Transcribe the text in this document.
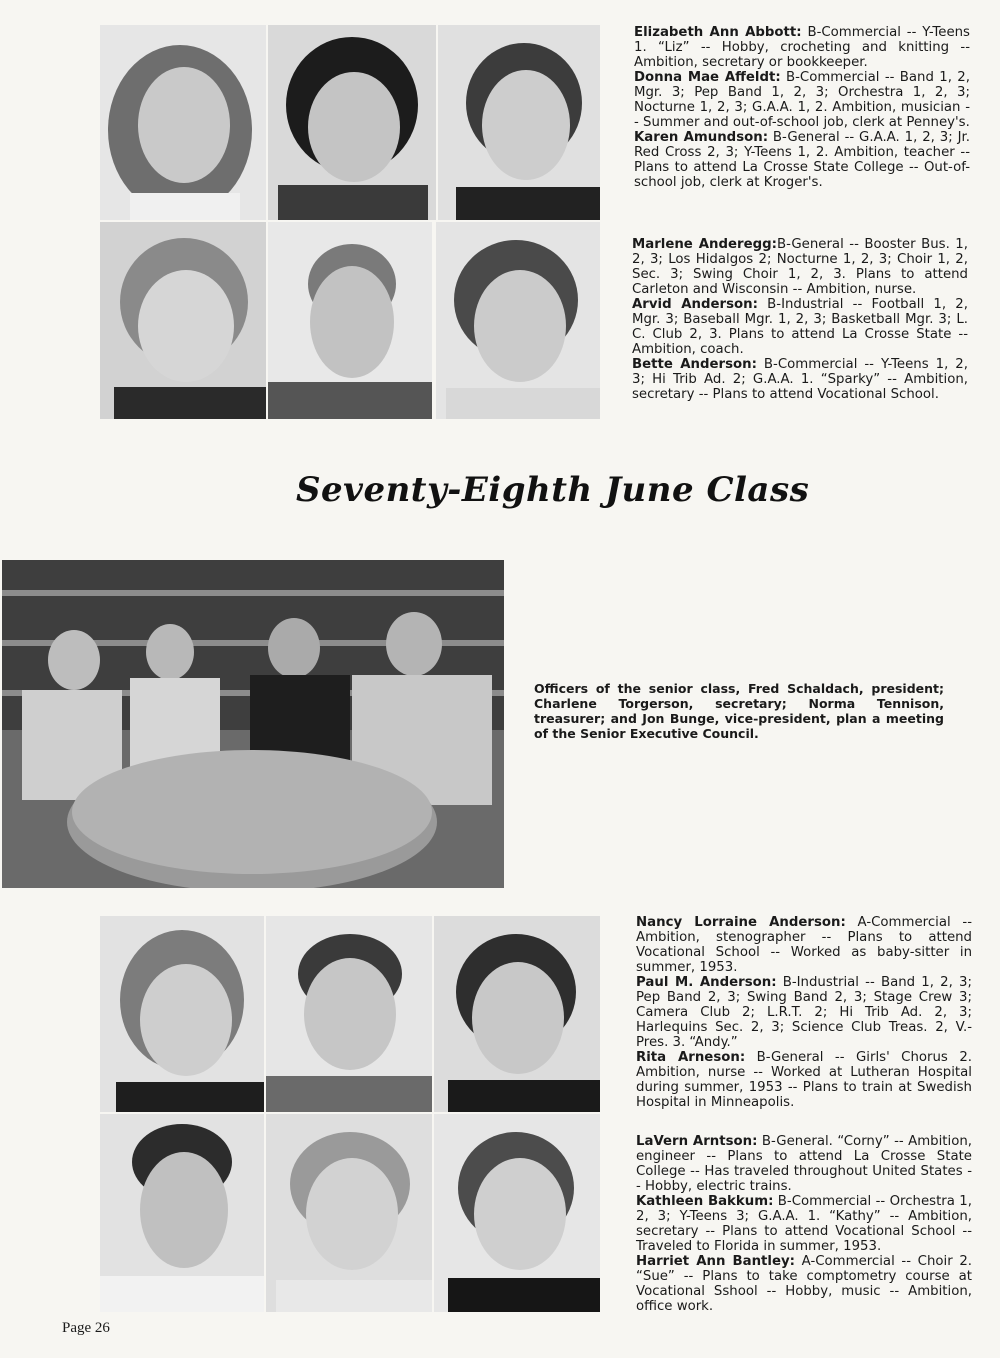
Elizabeth Ann Abbott: B-Commercial -- Y-Teens 1. “Liz” -- Hobby, crocheting and knitting -- Ambition, secretary or bookkeeper.

Donna Mae Affeldt: B-Commercial -- Band 1, 2, Mgr. 3; Pep Band 1, 2, 3; Orchestra 1, 2, 3; Nocturne 1, 2, 3; G.A.A. 1, 2. Ambition, musician -- Summer and out-of-school job, clerk at Penney's.

Karen Amundson: B-General -- G.A.A. 1, 2, 3; Jr. Red Cross 2, 3; Y-Teens 1, 2. Ambition, teacher -- Plans to attend La Crosse State College -- Out-of-school job, clerk at Kroger's.

Marlene Anderegg:B-General -- Booster Bus. 1, 2, 3; Los Hidalgos 2; Nocturne 1, 2, 3; Choir 1, 2, Sec. 3; Swing Choir 1, 2, 3. Plans to attend Carleton and Wisconsin -- Ambition, nurse.

Arvid Anderson: B-Industrial -- Football 1, 2, Mgr. 3; Baseball Mgr. 1, 2, 3; Basketball Mgr. 3; L. C. Club 2, 3. Plans to attend La Crosse State -- Ambition, coach.

Bette Anderson: B-Commercial -- Y-Teens 1, 2, 3; Hi Trib Ad. 2; G.A.A. 1. “Sparky” -- Ambition, secretary -- Plans to attend Vocational School.

Seventy-Eighth June Class
Officers of the senior class, Fred Schaldach, president; Charlene Torgerson, secretary; Norma Tennison, treasurer; and Jon Bunge, vice-president, plan a meeting of the Senior Executive Council.

Nancy Lorraine Anderson: A-Commercial -- Ambition, stenographer -- Plans to attend Vocational School -- Worked as baby-sitter in summer, 1953.

Paul M. Anderson: B-Industrial -- Band 1, 2, 3; Pep Band 2, 3; Swing Band 2, 3; Stage Crew 3; Camera Club 2; L.R.T. 2; Hi Trib Ad. 2, 3; Harlequins Sec. 2, 3; Science Club Treas. 2, V.-Pres. 3. “Andy.”

Rita Arneson: B-General -- Girls' Chorus 2. Ambition, nurse -- Worked at Lutheran Hospital during summer, 1953 -- Plans to train at Swedish Hospital in Minneapolis.

LaVern Arntson: B-General. “Corny” -- Ambition, engineer -- Plans to attend La Crosse State College -- Has traveled throughout United States -- Hobby, electric trains.

Kathleen Bakkum: B-Commercial -- Orchestra 1, 2, 3; Y-Teens 3; G.A.A. 1. “Kathy” -- Ambition, secretary -- Plans to attend Vocational School -- Traveled to Florida in summer, 1953.

Harriet Ann Bantley: A-Commercial -- Choir 2. “Sue” -- Plans to take comptometry course at Vocational Sshool -- Hobby, music -- Ambition, office work.

Page 26
